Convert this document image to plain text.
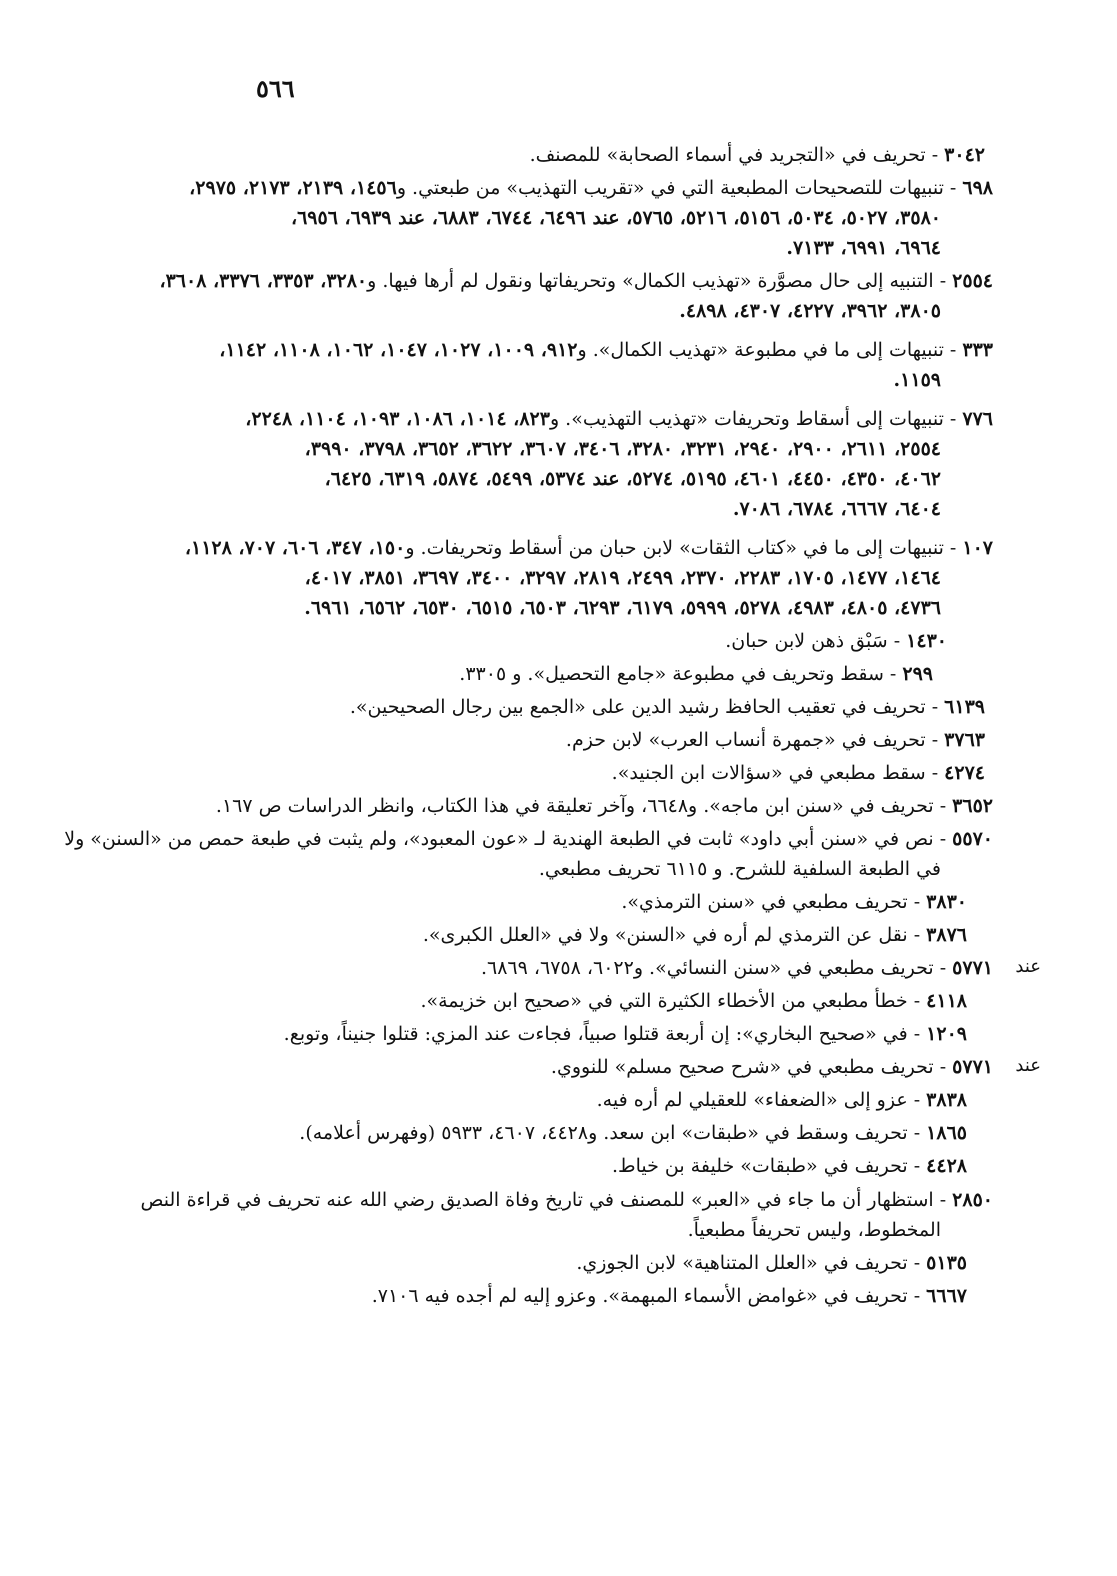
٥٦٦
٣٠٤٢ - تحريف في «التجريد في أسماء الصحابة» للمصنف.
٦٩٨ - تنبيهات للتصحيحات المطبعية التي في «تقريب التهذيب» من طبعتي. و١٤٥٦، ٢١٣٩، ٢١٧٣، ٢٩٧٥،
٣٥٨٠، ٥٠٢٧، ٥٠٣٤، ٥١٥٦، ٥٢١٦، ٥٧٦٥، عند ٦٤٩٦، ٦٧٤٤، ٦٨٨٣، عند ٦٩٣٩، ٦٩٥٦،
٦٩٦٤، ٦٩٩١، ٧١٣٣.
٢٥٥٤ - التنبيه إلى حال مصوَّرة «تهذيب الكمال» وتحريفاتها ونقول لم أرها فيها. و٣٢٨٠، ٣٣٥٣، ٣٣٧٦، ٣٦٠٨،
٣٨٠٥، ٣٩٦٢، ٤٢٢٧، ٤٣٠٧، ٤٨٩٨.
٣٣٣ - تنبيهات إلى ما في مطبوعة «تهذيب الكمال». و٩١٢، ١٠٠٩، ١٠٢٧، ١٠٤٧، ١٠٦٢، ١١٠٨، ١١٤٢،
١١٥٩.
٧٧٦ - تنبيهات إلى أسقاط وتحريفات «تهذيب التهذيب». و٨٢٣، ١٠١٤، ١٠٨٦، ١٠٩٣، ١١٠٤، ٢٢٤٨،
٢٥٥٤، ٢٦١١، ٢٩٠٠، ٢٩٤٠، ٣٢٣١، ٣٢٨٠، ٣٤٠٦، ٣٦٠٧، ٣٦٢٢، ٣٦٥٢، ٣٧٩٨، ٣٩٩٠،
٤٠٦٢، ٤٣٥٠، ٤٤٥٠، ٤٦٠١، ٥١٩٥، ٥٢٧٤، عند ٥٣٧٤، ٥٤٩٩، ٥٨٧٤، ٦٣١٩، ٦٤٢٥،
٦٤٠٤، ٦٦٦٧، ٦٧٨٤، ٧٠٨٦.
١٠٧ - تنبيهات إلى ما في «كتاب الثقات» لابن حبان من أسقاط وتحريفات. و١٥٠، ٣٤٧، ٦٠٦، ٧٠٧، ١١٢٨،
١٤٦٤، ١٤٧٧، ١٧٠٥، ٢٢٨٣، ٢٣٧٠، ٢٤٩٩، ٢٨١٩، ٣٢٩٧، ٣٤٠٠، ٣٦٩٧، ٣٨٥١، ٤٠١٧،
٤٧٣٦، ٤٨٠٥، ٤٩٨٣، ٥٢٧٨، ٥٩٩٩، ٦١٧٩، ٦٢٩٣، ٦٥٠٣، ٦٥١٥، ٦٥٣٠، ٦٥٦٢، ٦٩٦١.
١٤٣٠ - سَبْق ذهن لابن حبان.
٢٩٩ - سقط وتحريف في مطبوعة «جامع التحصيل». و ٣٣٠٥.
٦١٣٩ - تحريف في تعقيب الحافظ رشيد الدين على «الجمع بين رجال الصحيحين».
٣٧٦٣ - تحريف في «جمهرة أنساب العرب» لابن حزم.
٤٢٧٤ - سقط مطبعي في «سؤالات ابن الجنيد».
٣٦٥٢ - تحريف في «سنن ابن ماجه». و٦٦٤٨، وآخر تعليقة في هذا الكتاب، وانظر الدراسات ص ١٦٧.
٥٥٧٠ - نص في «سنن أبي داود» ثابت في الطبعة الهندية لـ «عون المعبود»، ولم يثبت في طبعة حمص من «السنن» ولا
في الطبعة السلفية للشرح. و ٦١١٥ تحريف مطبعي.
٣٨٣٠ - تحريف مطبعي في «سنن الترمذي».
٣٨٧٦ - نقل عن الترمذي لم أره في «السنن» ولا في «العلل الكبرى».
عند
٥٧٧١ - تحريف مطبعي في «سنن النسائي». و٦٠٢٢، ٦٧٥٨، ٦٨٦٩.
٤١١٨ - خطأ مطبعي من الأخطاء الكثيرة التي في «صحيح ابن خزيمة».
١٢٠٩ - في «صحيح البخاري»: إن أربعة قتلوا صبياً، فجاءت عند المزي: قتلوا جنيناً، وتوبع.
عند
٥٧٧١ - تحريف مطبعي في «شرح صحيح مسلم» للنووي.
٣٨٣٨ - عزو إلى «الضعفاء» للعقيلي لم أره فيه.
١٨٦٥ - تحريف وسقط في «طبقات» ابن سعد. و٤٤٢٨، ٤٦٠٧، ٥٩٣٣ (وفهرس أعلامه).
٤٤٢٨ - تحريف في «طبقات» خليفة بن خياط.
٢٨٥٠ - استظهار أن ما جاء في «العبر» للمصنف في تاريخ وفاة الصديق رضي الله عنه تحريف في قراءة النص
المخطوط، وليس تحريفاً مطبعياً.
٥١٣٥ - تحريف في «العلل المتناهية» لابن الجوزي.
٦٦٦٧ - تحريف في «غوامض الأسماء المبهمة». وعزو إليه لم أجده فيه ٧١٠٦.
